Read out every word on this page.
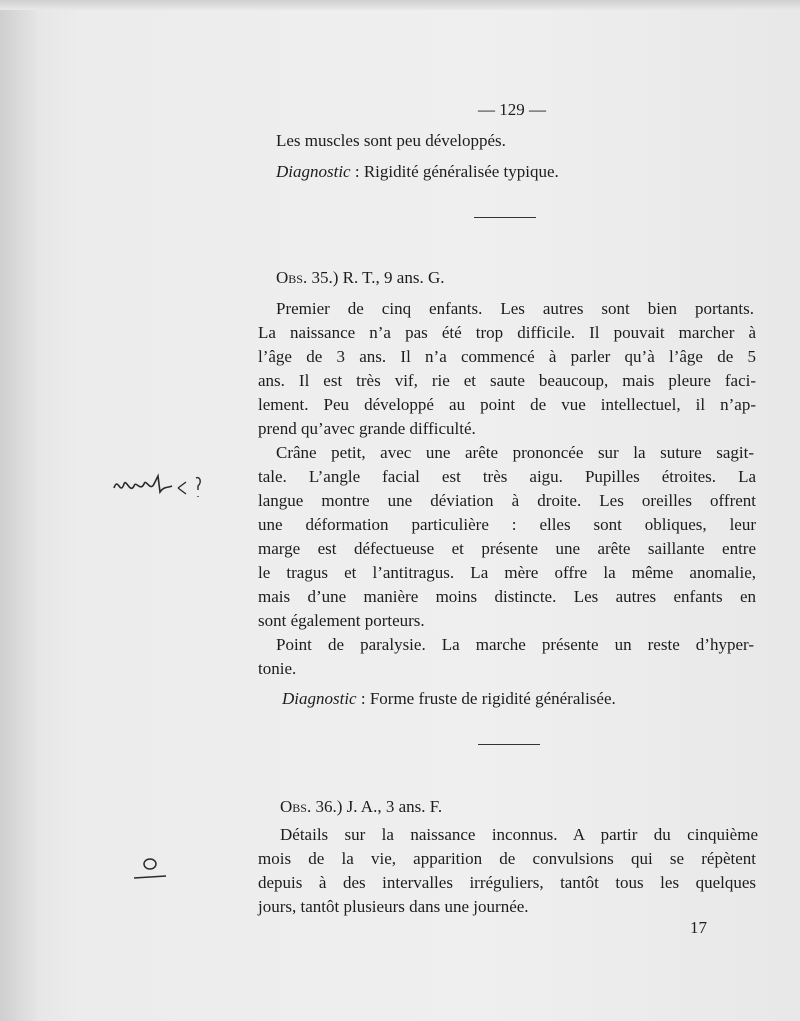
— 129 —
Les muscles sont peu développés.
Diagnostic : Rigidité généralisée typique.
Obs. 35.) R. T., 9 ans. G.
Premier de cinq enfants. Les autres sont bien portants.
La naissance n’a pas été trop difficile. Il pouvait marcher à
l’âge de 3 ans. Il n’a commencé à parler qu’à l’âge de 5
ans. Il est très vif, rie et saute beaucoup, mais pleure faci-
lement. Peu développé au point de vue intellectuel, il n’ap-
prend qu’avec grande difficulté.
Crâne petit, avec une arête prononcée sur la suture sagit-
tale. L’angle facial est très aigu. Pupilles étroites. La
langue montre une déviation à droite. Les oreilles offrent
une déformation particulière : elles sont obliques, leur
marge est défectueuse et présente une arête saillante entre
le tragus et l’antitragus. La mère offre la même anomalie,
mais d’une manière moins distincte. Les autres enfants en
sont également porteurs.
Point de paralysie. La marche présente un reste d’hyper-
tonie.
Diagnostic : Forme fruste de rigidité généralisée.
Obs. 36.) J. A., 3 ans. F.
Détails sur la naissance inconnus. A partir du cinquième
mois de la vie, apparition de convulsions qui se répètent
depuis à des intervalles irréguliers, tantôt tous les quelques
jours, tantôt plusieurs dans une journée.
17
